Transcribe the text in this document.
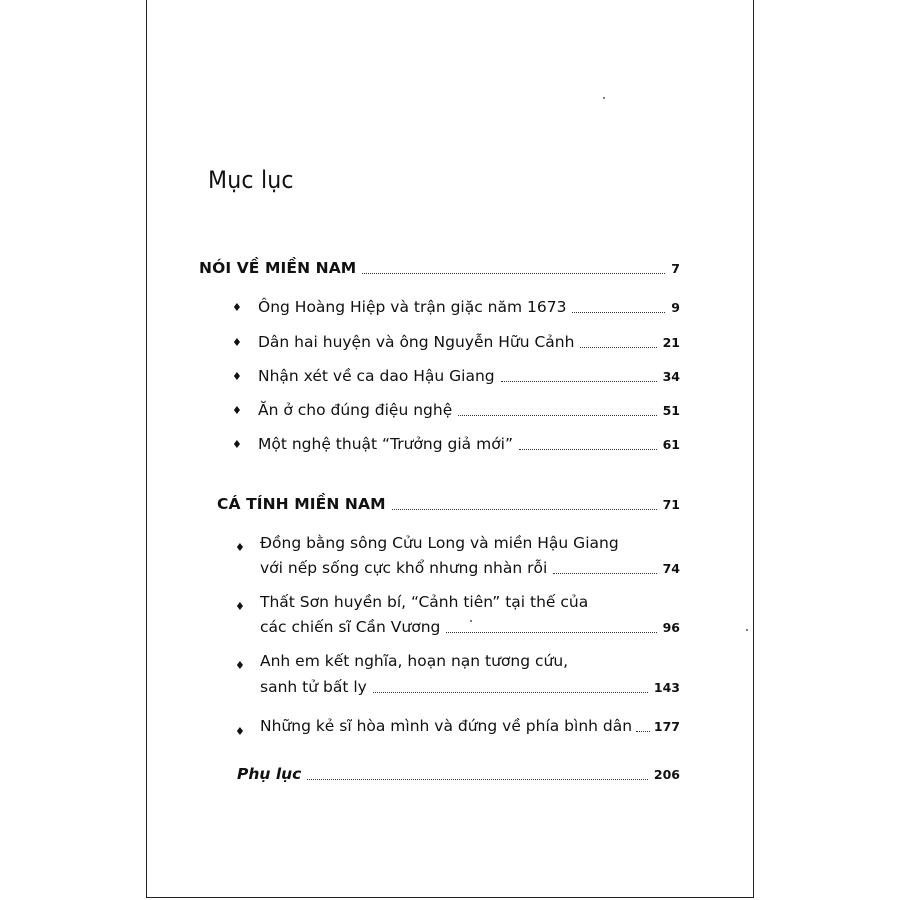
Mục lục
NÓI VỀ MIỀN NAM	7
♦ Ông Hoàng Hiệp và trận giặc năm 1673	9
♦ Dân hai huyện và ông Nguyễn Hữu Cảnh	21
♦ Nhận xét về ca dao Hậu Giang	34
♦ Ăn ở cho đúng điệu nghệ	51
♦ Một nghệ thuật “Trưởng giả mới”	61
CÁ TÍNH MIỀN NAM	71
♦ Đồng bằng sông Cửu Long và miền Hậu Giang
với nếp sống cực khổ nhưng nhàn rỗi	74
♦ Thất Sơn huyền bí, “Cảnh tiên” tại thế của
các chiến sĩ Cần Vương	96
♦ Anh em kết nghĩa, hoạn nạn tương cứu,
sanh tử bất ly	143
♦ Những kẻ sĩ hòa mình và đứng về phía bình dân 177
Phụ lục	206
